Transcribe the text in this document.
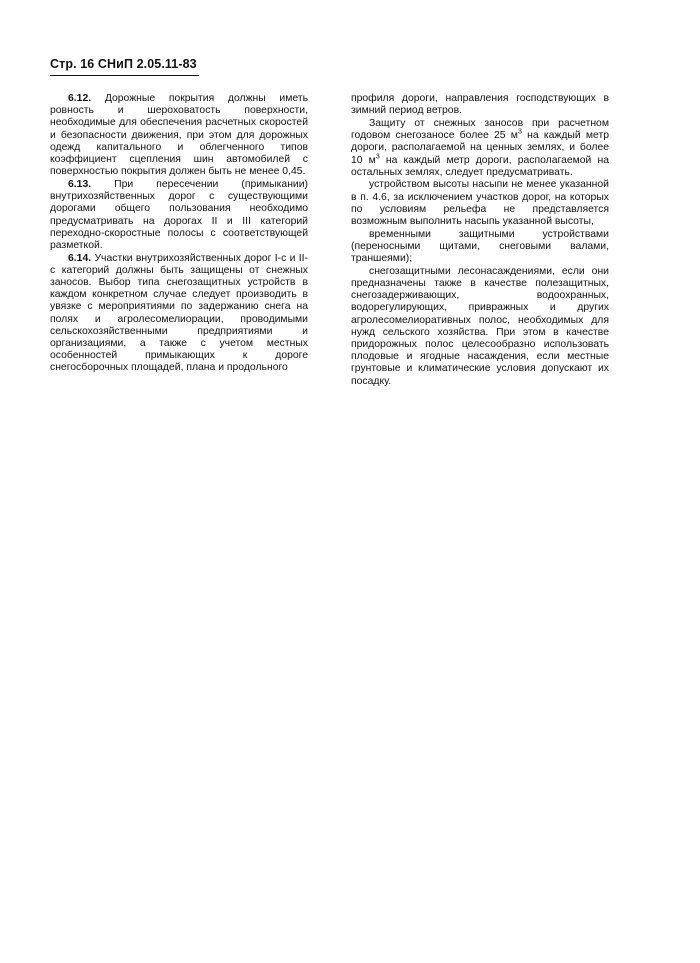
Стр. 16 СНиП 2.05.11-83

6.12. Дорожные покрытия должны иметь ровность и шероховатость поверхности, необходимые для обеспечения расчетных скоростей и безопасности движения, при этом для дорожных одежд капитального и облегченного типов коэффициент сцепления шин автомобилей с поверхностью покрытия должен быть не менее 0,45.

6.13. При пересечении (примыкании) внутрихозяйственных дорог с существующими дорогами общего пользования необходимо предусматривать на дорогах II и III категорий переходно-скоростные полосы с соответствующей разметкой.

6.14. Участки внутрихозяйственных дорог I-с и II-с категорий должны быть защищены от снежных заносов. Выбор типа снегозащитных устройств в каждом конкретном случае следует производить в увязке с мероприятиями по задержанию снега на полях и агролесомелиорации, проводимыми сельскохозяйственными предприятиями и организациями, а также с учетом местных особенностей примыкающих к дороге снегосборочных площадей, плана и продольного

профиля дороги, направления господствующих в зимний период ветров.

Защиту от снежных заносов при расчетном годовом снегозаносе более 25 $м^3$ на каждый метр дороги, располагаемой на ценных землях, и более 10 $м^3$ на каждый метр дороги, располагаемой на остальных землях, следует предусматривать.

устройством высоты насыпи не менее указанной в п. 4.6, за исключением участков дорог, на которых по условиям рельефа не представляется возможным выполнить насыпь указанной высоты,

временными защитными устройствами (переносными щитами, снеговыми валами, траншеями);

снегозащитными лесонасаждениями, если они предназначены также в качестве полезащитных, снегозадерживающих, водоохранных, водорегулирующих, привражных и других агролесомелиоративных полос, необходимых для нужд сельского хозяйства. При этом в качестве придорожных полос целесообразно использовать плодовые и ягодные насаждения, если местные грунтовые и климатические условия допускают их посадку.
